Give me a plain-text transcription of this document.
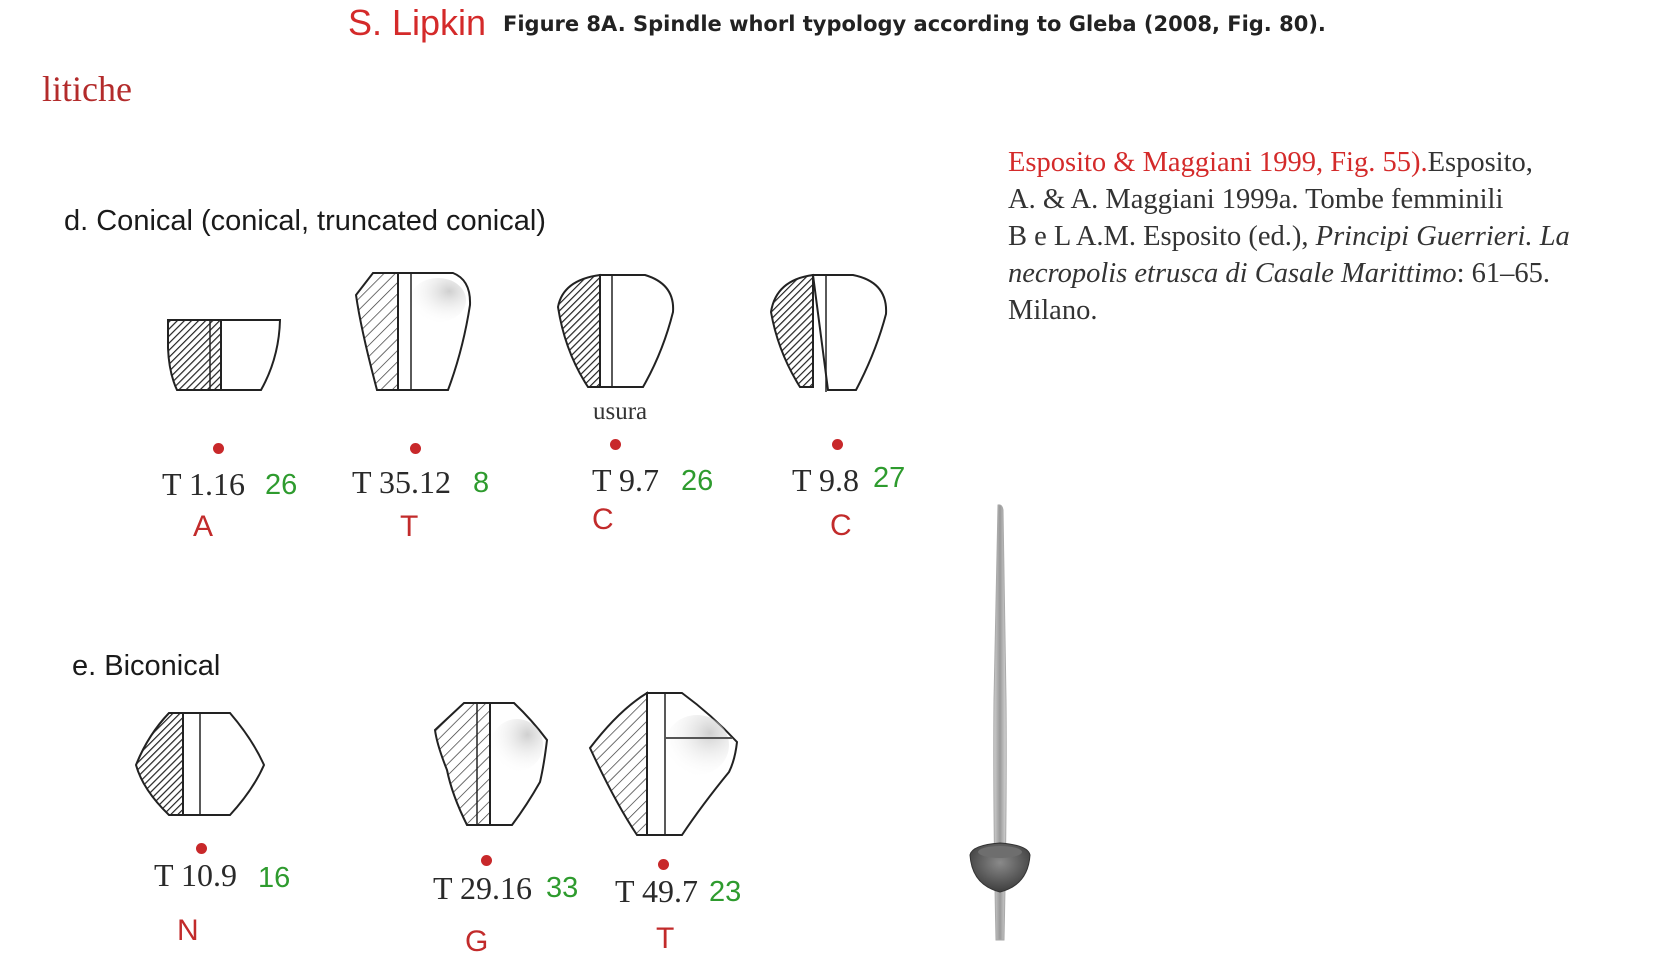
S. Lipkin Figure 8A. Spindle whorl typology according to Gleba (2008, Fig. 80).
litiche
d. Conical (conical, truncated conical)
e. Biconical
usura
T 1.16 26
A
T 35.12 8
T
T 9.7 26
C
T 9.8 27
C
T 10.9 16
N
T 29.16 33
G
T 49.7 23
T
Esposito & Maggiani 1999, Fig. 55).Esposito,
A. & A. Maggiani 1999a. Tombe femminili
B e L A.M. Esposito (ed.), Principi Guerrieri. La
necropolis etrusca di Casale Marittimo: 61–65.
Milano.
